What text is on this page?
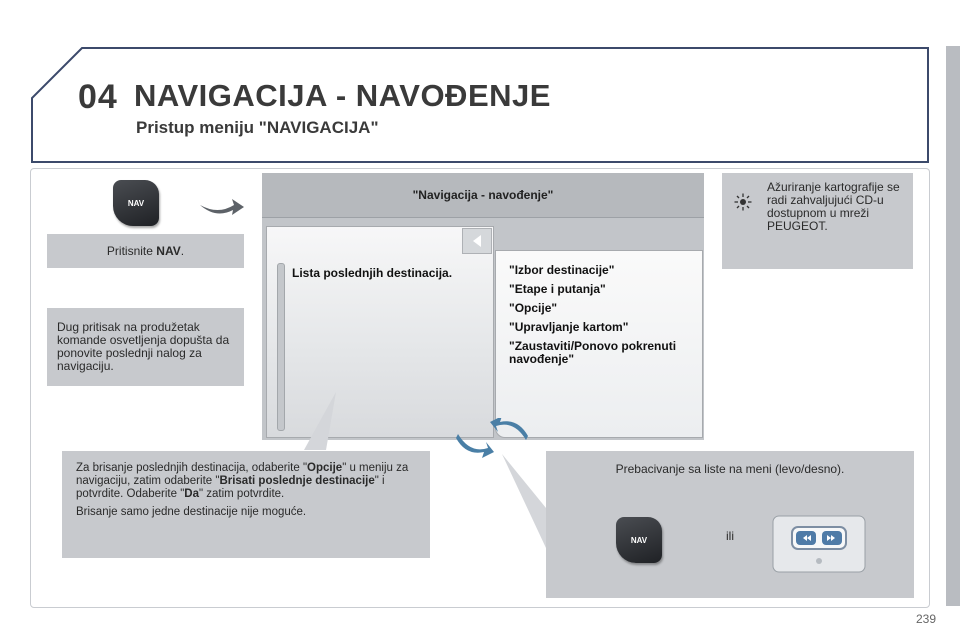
04 NAVIGACIJA - NAVOĐENJE
Pristup meniju "NAVIGACIJA"
NAV
Pritisnite NAV .
Dug pritisak na produžetak komande osvetljenja dopušta da ponovite poslednji nalog za navigaciju.
"Navigacija - navođenje"
Lista poslednjih destinacija.	"Izbor destinacije"
"Etape i putanja"
"Opcije"
"Upravljanje kartom"
"Zaustaviti/Ponovo pokrenuti navođenje"
Ažuriranje kartografije se radi zahvaljujući CD-u dostupnom u mreži PEUGEOT.
Za brisanje poslednjih destinacija, odaberite "Opcije" u meniju za navigaciju, zatim odaberite "Brisati poslednje destinacije" i potvrdite. Odaberite "Da" zatim potvrdite.
Brisanje samo jedne destinacije nije moguće.
Prebacivanje sa liste na meni (levo/desno).
NAV	ili
239
